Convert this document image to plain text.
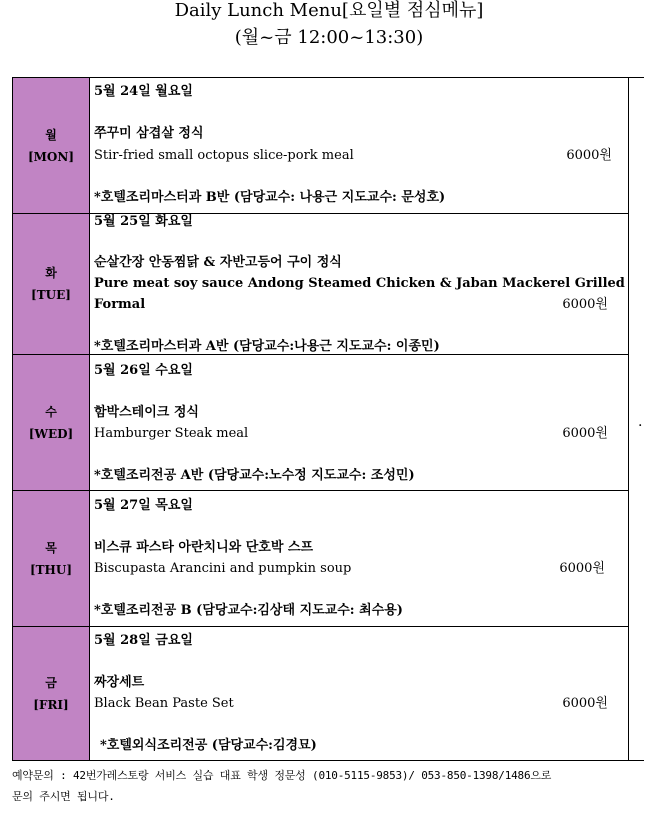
Daily Lunch Menu[요일별 점심메뉴]
(월~금 12:00~13:30)
월
[MON]
5월 24일 월요일
쭈꾸미 삼겹살 정식
Stir-fried small octopus slice-pork meal	6000원
*호텔조리마스터과 B반 (담당교수: 나용근 지도교수: 문성호)
화
[TUE]
5월 25일 화요일
순살간장 안동찜닭 & 자반고등어 구이 정식
Pure meat soy sauce Andong Steamed Chicken & Jaban Mackerel Grilled
Formal	6000원
*호텔조리마스터과 A반 (담당교수:나용근 지도교수: 이종민)
수
[WED]
5월 26일 수요일
함박스테이크 정식
Hamburger Steak meal	6000원
*호텔조리전공 A반 (담당교수:노수정 지도교수: 조성민)
목
[THU]
5월 27일 목요일
비스큐 파스타 아란치니와 단호박 스프
Biscupasta Arancini and pumpkin soup	6000원
*호텔조리전공 B (담당교수:김상태 지도교수: 최수용)
금
[FRI]
5월 28일 금요일
짜장세트
Black Bean Paste Set	6000원
*호텔외식조리전공 (담당교수:김경묘)
.
예약문의 : 42번가레스토랑 서비스 실습 대표 학생 정문성 (010-5115-9853)/ 053-850-1398/1486으로
문의 주시면 됩니다.
